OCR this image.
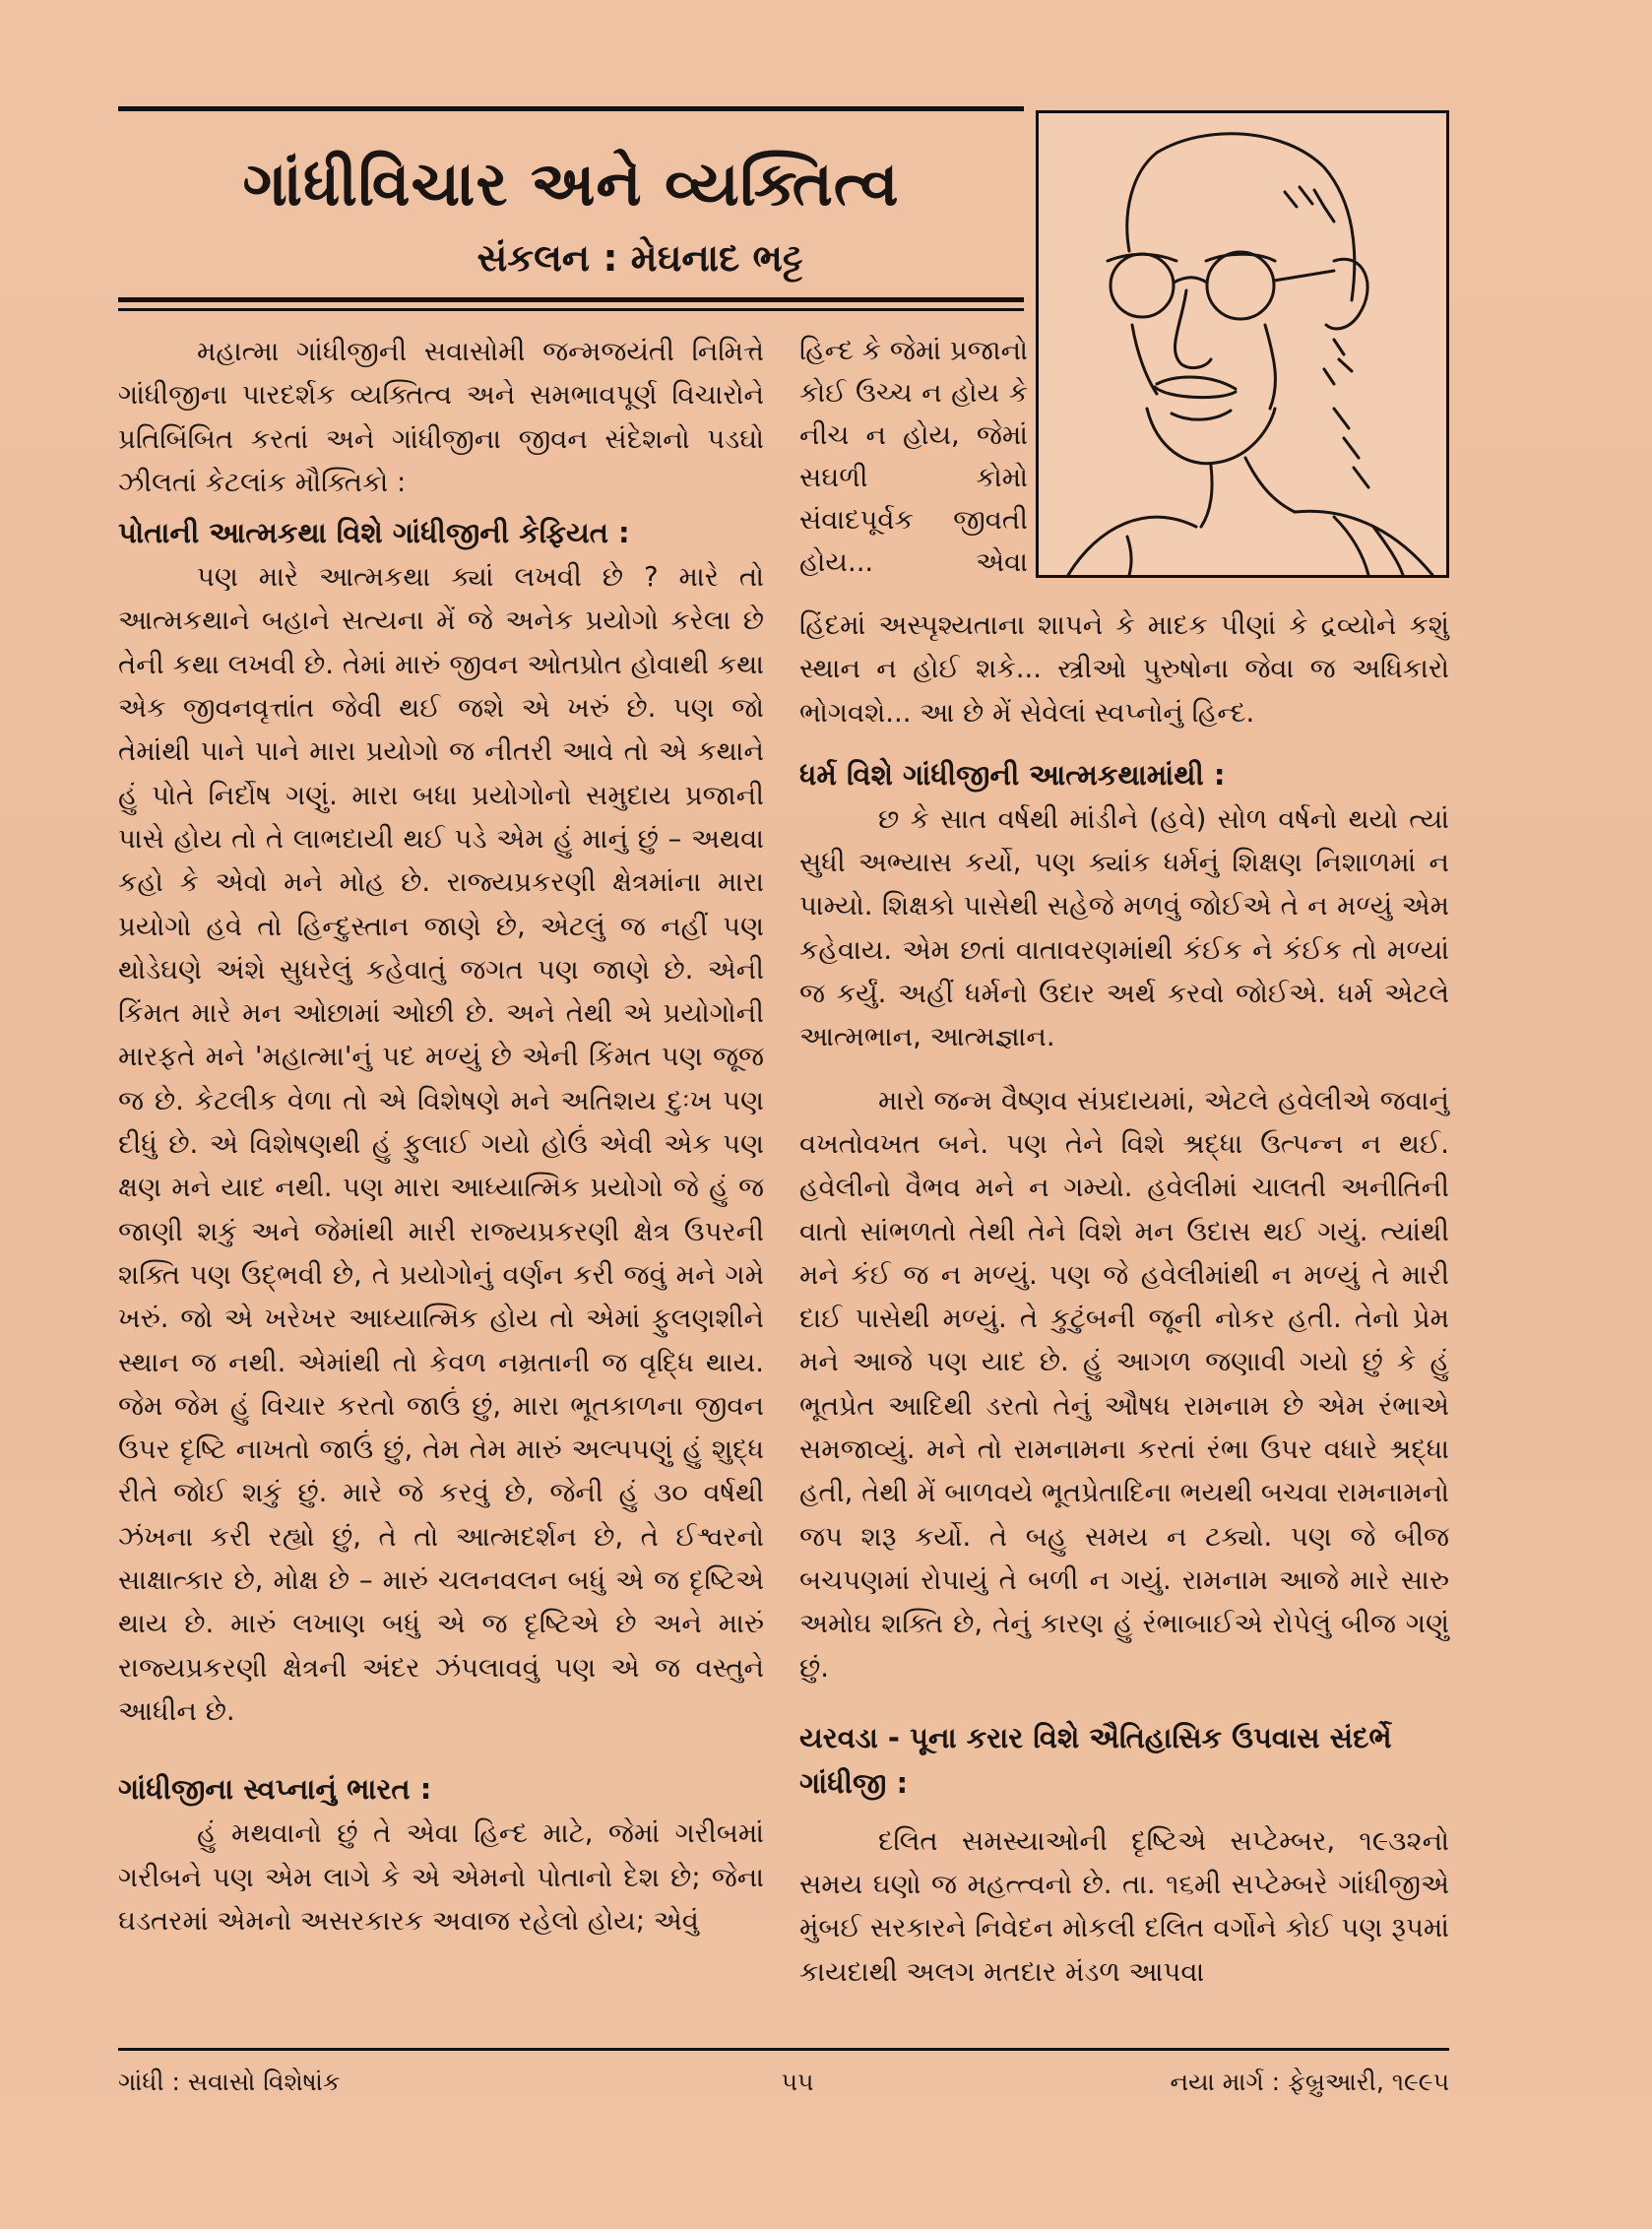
ગાંધીવિચાર અને વ્યક્તિત્વ
સંકલન : મેઘનાદ ભટ્ટ

મહાત્મા ગાંધીજીની સવાસોમી જન્મજયંતી નિમિત્તે ગાંધીજીના પારદર્શક વ્યક્તિત્વ અને સમભાવપૂર્ણ વિચારોને પ્રતિબિંબિત કરતાં અને ગાંધીજીના જીવન સંદેશનો પડઘો ઝીલતાં કેટલાંક મૌક્તિકો :

પોતાની આત્મકથા વિશે ગાંધીજીની કેફિયત :

પણ મારે આત્મકથા ક્યાં લખવી છે ? મારે તો આત્મકથાને બહાને સત્યના મેં જે અનેક પ્રયોગો કરેલા છે તેની કથા લખવી છે. તેમાં મારું જીવન ઓતપ્રોત હોવાથી કથા એક જીવનવૃત્તાંત જેવી થઈ જશે એ ખરું છે. પણ જો તેમાંથી પાને પાને મારા પ્રયોગો જ નીતરી આવે તો એ કથાને હું પોતે નિર્દોષ ગણું. મારા બધા પ્રયોગોનો સમુદાય પ્રજાની પાસે હોય તો તે લાભદાયી થઈ પડે એમ હું માનું છું – અથવા કહો કે એવો મને મોહ છે. રાજ્યપ્રકરણી ક્ષેત્રમાંના મારા પ્રયોગો હવે તો હિન્દુસ્તાન જાણે છે, એટલું જ નહીં પણ થોડેઘણે અંશે સુધરેલું કહેવાતું જગત પણ જાણે છે. એની કિંમત મારે મન ઓછામાં ઓછી છે. અને તેથી એ પ્રયોગોની મારફતે મને 'મહાત્મા'નું પદ મળ્યું છે એની કિંમત પણ જૂજ જ છે. કેટલીક વેળા તો એ વિશેષણે મને અતિશય દુઃખ પણ દીધું છે. એ વિશેષણથી હું ફુલાઈ ગયો હોઉં એવી એક પણ ક્ષણ મને યાદ નથી. પણ મારા આધ્યાત્મિક પ્રયોગો જે હું જ જાણી શકું અને જેમાંથી મારી રાજ્યપ્રકરણી ક્ષેત્ર ઉપરની શક્તિ પણ ઉદ્ભવી છે, તે પ્રયોગોનું વર્ણન કરી જવું મને ગમે ખરું. જો એ ખરેખર આધ્યાત્મિક હોય તો એમાં ફુલણશીને સ્થાન જ નથી. એમાંથી તો કેવળ નમ્રતાની જ વૃદ્ધિ થાય. જેમ જેમ હું વિચાર કરતો જાઉં છું, મારા ભૂતકાળના જીવન ઉપર દૃષ્ટિ નાખતો જાઉં છું, તેમ તેમ મારું અલ્પપણું હું શુદ્ધ રીતે જોઈ શકું છું. મારે જે કરવું છે, જેની હું ૩૦ વર્ષથી ઝંખના કરી રહ્યો છું, તે તો આત્મદર્શન છે, તે ઈશ્વરનો સાક્ષાત્કાર છે, મોક્ષ છે – મારું ચલનવલન બધું એ જ દૃષ્ટિએ થાય છે. મારું લખાણ બધું એ જ દૃષ્ટિએ છે અને મારું રાજ્યપ્રકરણી ક્ષેત્રની અંદર ઝંપલાવવું પણ એ જ વસ્તુને આધીન છે.

ગાંધીજીના સ્વપ્નાનું ભારત :

હું મથવાનો છું તે એવા હિન્દ માટે, જેમાં ગરીબમાં ગરીબને પણ એમ લાગે કે એ એમનો પોતાનો દેશ છે; જેના ઘડતરમાં એમનો અસરકારક અવાજ રહેલો હોય; એવું

હિન્દ કે જેમાં પ્રજાનો

કોઈ ઉચ્ચ ન હોય કે

નીચ ન હોય, જેમાં

સઘળી કોમો

સંવાદપૂર્વક જીવતી

હોય... એવા

હિંદમાં અસ્પૃશ્યતાના શાપને કે માદક પીણાં કે દ્રવ્યોને કશું સ્થાન ન હોઈ શકે... સ્ત્રીઓ પુરુષોના જેવા જ અધિકારો ભોગવશે... આ છે મેં સેવેલાં સ્વપ્નોનું હિન્દ.

ધર્મ વિશે ગાંધીજીની આત્મકથામાંથી :

છ કે સાત વર્ષથી માંડીને (હવે) સોળ વર્ષનો થયો ત્યાં સુધી અભ્યાસ કર્યો, પણ ક્યાંક ધર્મનું શિક્ષણ નિશાળમાં ન પામ્યો. શિક્ષકો પાસેથી સહેજે મળવું જોઈએ તે ન મળ્યું એમ કહેવાય. એમ છતાં વાતાવરણમાંથી કંઈક ને કંઈક તો મળ્યાં જ કર્યું. અહીં ધર્મનો ઉદાર અર્થ કરવો જોઈએ. ધર્મ એટલે આત્મભાન, આત્મજ્ઞાન.

મારો જન્મ વૈષ્ણવ સંપ્રદાયમાં, એટલે હવેલીએ જવાનું વખતોવખત બને. પણ તેને વિશે શ્રદ્ધા ઉત્પન્ન ન થઈ. હવેલીનો વૈભવ મને ન ગમ્યો. હવેલીમાં ચાલતી અનીતિની વાતો સાંભળતો તેથી તેને વિશે મન ઉદાસ થઈ ગયું. ત્યાંથી મને કંઈ જ ન મળ્યું. પણ જે હવેલીમાંથી ન મળ્યું તે મારી દાઈ પાસેથી મળ્યું. તે કુટુંબની જૂની નોકર હતી. તેનો પ્રેમ મને આજે પણ યાદ છે. હું આગળ જણાવી ગયો છું કે હું ભૂતપ્રેત આદિથી ડરતો તેનું ઔષધ રામનામ છે એમ રંભાએ સમજાવ્યું. મને તો રામનામના કરતાં રંભા ઉપર વધારે શ્રદ્ધા હતી, તેથી મેં બાળવયે ભૂતપ્રેતાદિના ભયથી બચવા રામનામનો જપ શરૂ કર્યો. તે બહુ સમય ન ટક્યો. પણ જે બીજ બચપણમાં રોપાયું તે બળી ન ગયું. રામનામ આજે મારે સારુ અમોઘ શક્તિ છે, તેનું કારણ હું રંભાબાઈએ રોપેલું બીજ ગણું છું.

યરવડા - પૂના કરાર વિશે ઐતિહાસિક ઉપવાસ સંદર્ભે ગાંધીજી :

દલિત સમસ્યાઓની દૃષ્ટિએ સપ્ટેમ્બર, ૧૯૩૨નો સમય ઘણો જ મહત્ત્વનો છે. તા. ૧૬મી સપ્ટેમ્બરે ગાંધીજીએ મુંબઈ સરકારને નિવેદન મોકલી દલિત વર્ગોને કોઈ પણ રૂપમાં કાયદાથી અલગ મતદાર મંડળ આપવા

ગાંધી : સવાસો વિશેષાંક	૫૫	નયા માર્ગ : ફેબ્રુઆરી, ૧૯૯૫
